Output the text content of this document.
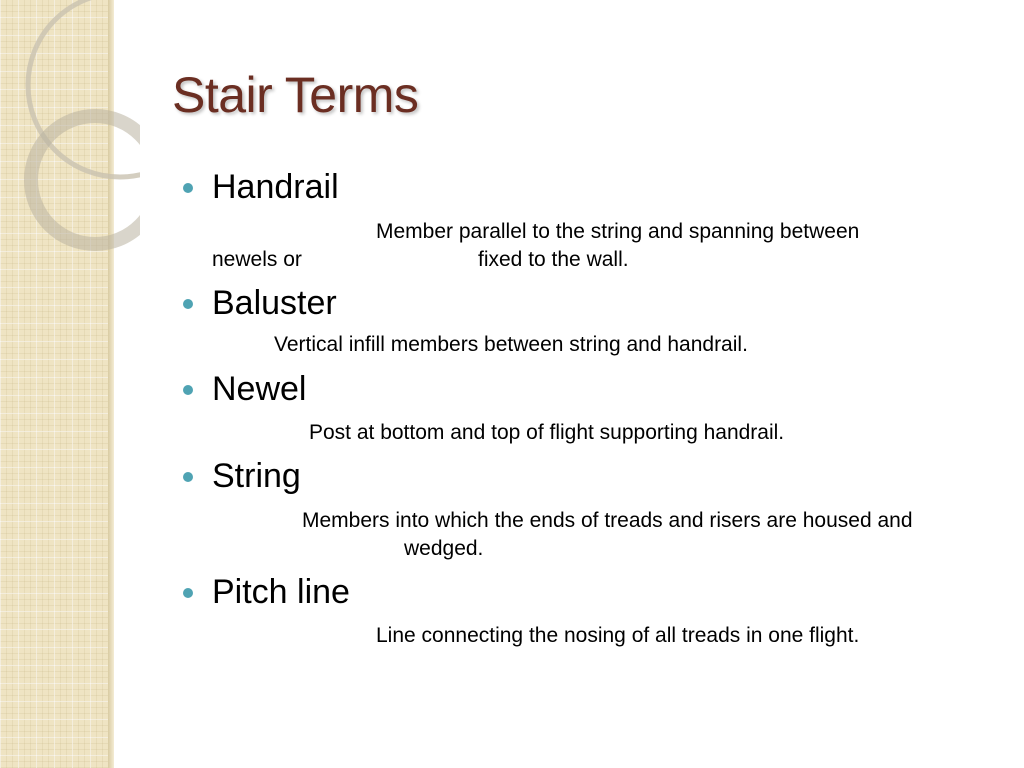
Stair Terms

Handrail

Member parallel to the string and spanning between

newels or	fixed to the wall.

Baluster

Vertical infill members between string and handrail.

Newel

Post at bottom and top of flight supporting handrail.

String

Members into which the ends of treads and risers are housed and

wedged.

Pitch line

Line connecting the nosing of all treads in one flight.
